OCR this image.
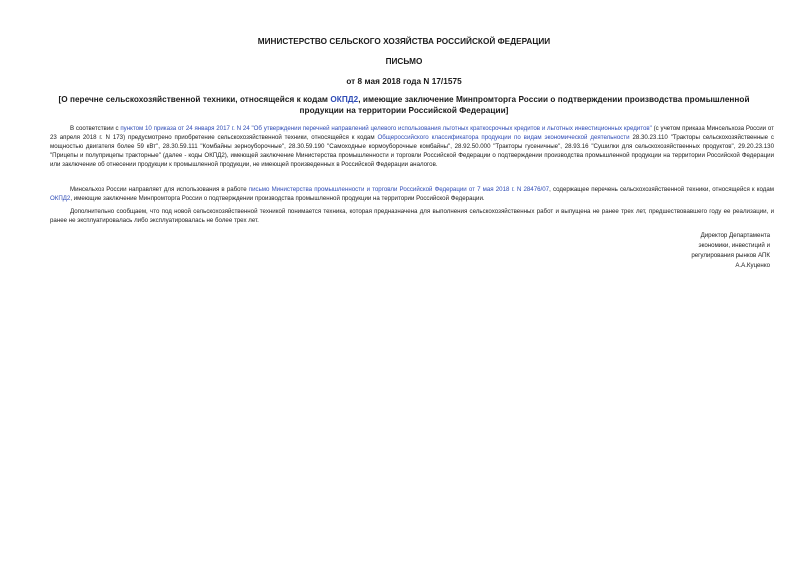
МИНИСТЕРСТВО СЕЛЬСКОГО ХОЗЯЙСТВА РОССИЙСКОЙ ФЕДЕРАЦИИ
ПИСЬМО
от 8 мая 2018 года N 17/1575
[О перечне сельскохозяйственной техники, относящейся к кодам ОКПД2, имеющие заключение Минпромторга России о подтверждении производства промышленной продукции на территории Российской Федерации]
В соответствии с пунктом 10 приказа от 24 января 2017 г. N 24 "Об утверждении перечней направлений целевого использования льготных краткосрочных кредитов и льготных инвестиционных кредитов" (с учетом приказа Минсельхоза России от 23 апреля 2018 г. N 173) предусмотрено приобретение сельскохозяйственной техники, относящейся к кодам Общероссийского классификатора продукции по видам экономической деятельности 28.30.23.110 "Тракторы сельскохозяйственные с мощностью двигателя более 59 кВт", 28.30.59.111 "Комбайны зерноуборочные", 28.30.59.190 "Самоходные кормоуборочные комбайны", 28.92.50.000 "Тракторы гусеничные", 28.93.16 "Сушилки для сельскохозяйственных продуктов", 29.20.23.130 "Прицепы и полуприцепы тракторные" (далее - коды ОКПД2), имеющей заключение Министерства промышленности и торговли Российской Федерации о подтверждении производства промышленной продукции на территории Российской Федерации или заключение об отнесении продукции к промышленной продукции, не имеющей произведенных в Российской Федерации аналогов.
Минсельхоз России направляет для использования в работе письмо Министерства промышленности и торговли Российской Федерации от 7 мая 2018 г. N 28476/07, содержащее перечень сельскохозяйственной техники, относящейся к кодам ОКПД2, имеющие заключение Минпромторга России о подтверждении производства промышленной продукции на территории Российской Федерации.
Дополнительно сообщаем, что под новой сельскохозяйственной техникой понимается техника, которая предназначена для выполнения сельскохозяйственных работ и выпущена не ранее трех лет, предшествовавшего году ее реализации, и ранее не эксплуатировалась либо эксплуатировалась не более трех лет.
Директор Департамента
экономики, инвестиций и
регулирования рынков АПК
А.А.Куценко
